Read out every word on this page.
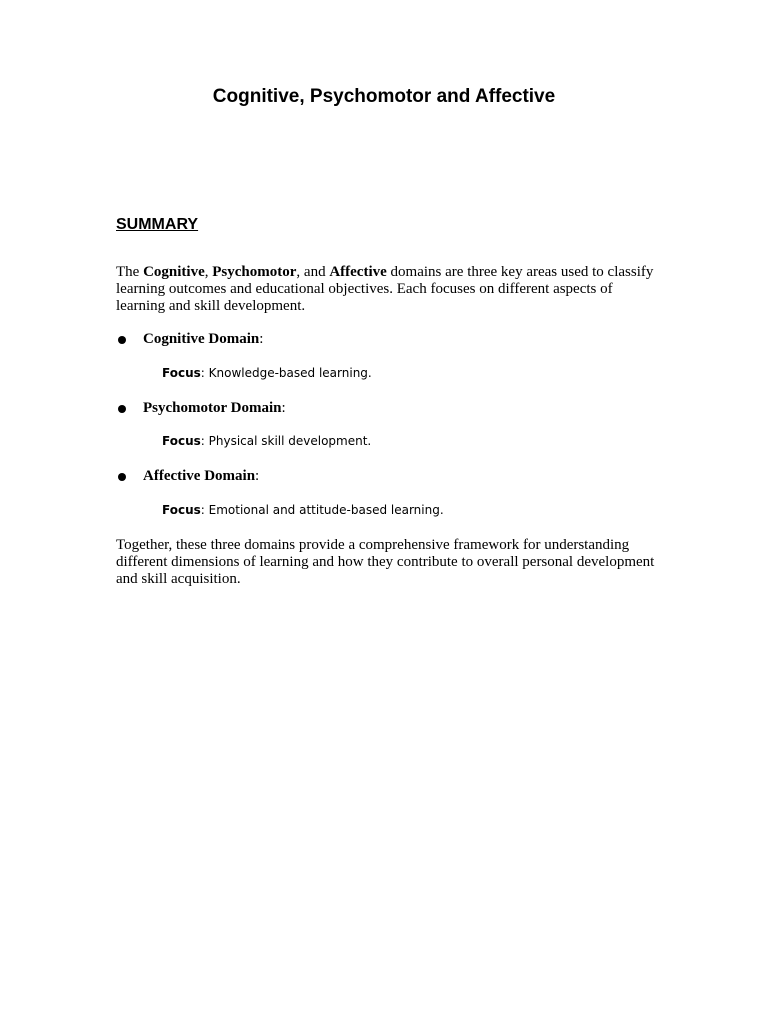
Cognitive, Psychomotor and Affective
SUMMARY

The Cognitive, Psychomotor, and Affective domains are three key areas used to classify learning outcomes and educational objectives. Each focuses on different aspects of learning and skill development.

Cognitive Domain:

Focus: Knowledge-based learning.

Psychomotor Domain:

Focus: Physical skill development.

Affective Domain:

Focus: Emotional and attitude-based learning.

Together, these three domains provide a comprehensive framework for understanding different dimensions of learning and how they contribute to overall personal development and skill acquisition.
